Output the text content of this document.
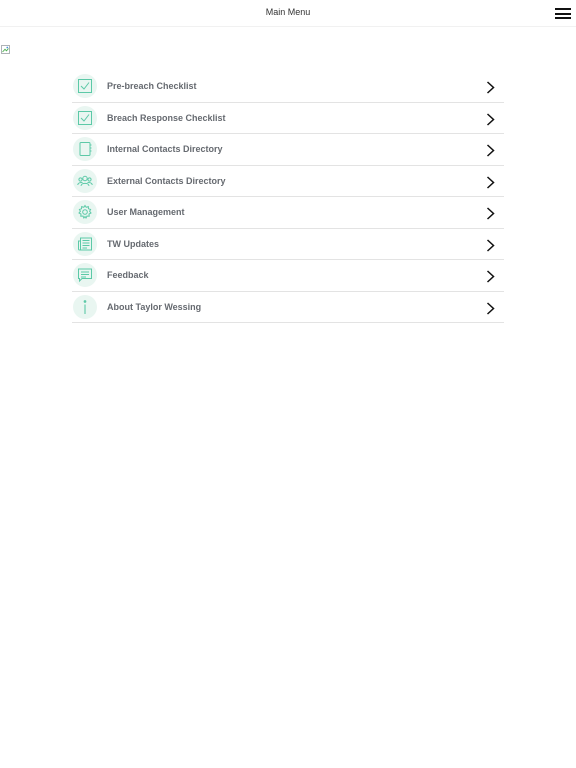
Main Menu
Pre-breach Checklist
Breach Response Checklist
Internal Contacts Directory
External Contacts Directory
User Management
TW Updates
Feedback
About Taylor Wessing
